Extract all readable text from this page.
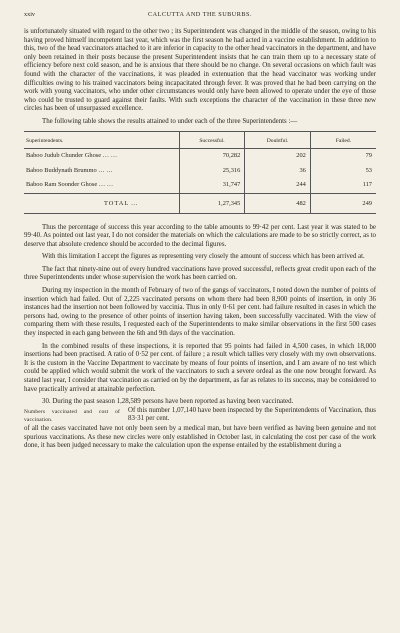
xxiv	CALCUTTA AND THE SUBURBS.

is unfortunately situated with regard to the other two ; its Superintendent was changed in the middle of the season, owing to his having proved himself incompetent last year, which was the first season he had acted in a vaccine establishment. In addition to this, two of the head vaccinators attached to it are inferior in capacity to the other head vaccinators in the department, and have only been retained in their posts because the present Superintendent insists that he can train them up to a necessary state of efficiency before next cold season, and he is anxious that there should be no change. On several occasions on which fault was found with the character of the vaccinations, it was pleaded in extenuation that the head vaccinator was working under difficulties owing to his trained vaccinators being incapacitated through fever. It was proved that he had been carrying on the work with young vaccinators, who under other circumstances would only have been allowed to operate under the eye of those who could be trusted to guard against their faults. With such exceptions the character of the vaccination in these three new circles has been of unsurpassed excellence.

The following table shows the results attained to under each of the three Superintendents :—

Superintendents.	Successful.	Doubtful.	Failed.
Baboo Judub Chunder Ghose … …	70,282	202	79
Baboo Buddynath Brummo … …	25,316	36	53
Baboo Ram Soonder Ghose … …	31,747	244	117
TOTAL …	1,27,345	482	249

Thus the percentage of success this year according to the table amounts to 99·42 per cent. Last year it was stated to be 99·40. As pointed out last year, I do not consider the materials on which the calculations are made to be so strictly correct, as to deserve that absolute credence should be accorded to the decimal figures.

With this limitation I accept the figures as representing very closely the amount of success which has been arrived at.

The fact that ninety-nine out of every hundred vaccinations have proved successful, reflects great credit upon each of the three Superintendents under whose supervision the work has been carried on.

During my inspection in the month of February of two of the gangs of vaccinators, I noted down the number of points of insertion which had failed. Out of 2,225 vaccinated persons on whom there had been 8,900 points of insertion, in only 36 instances had the insertion not been followed by vaccinia. Thus in only 0·61 per cent. had failure resulted in cases in which the persons had, owing to the presence of other points of insertion having taken, been successfully vaccinated. With the view of comparing them with these results, I requested each of the Superintendents to make similar observations in the first 500 cases they inspected in each gang between the 6th and 9th days of the vaccination.

In the combined results of these inspections, it is reported that 95 points had failed in 4,500 cases, in which 18,000 insertions had been practised. A ratio of 0·52 per cent. of failure ; a result which tallies very closely with my own observations. It is the custom in the Vaccine Department to vaccinate by means of four points of insertion, and I am aware of no test which could be applied which would submit the work of the vaccinators to such a severe ordeal as the one now brought forward. As stated last year, I consider that vaccination as carried on by the department, as far as relates to its success, may be considered to have practically arrived at attainable perfection.

30. During the past season 1,28,589 persons have been reported as having been vaccinated.

Numbers vaccinated and cost of vaccination.
Of this number 1,07,140 have been inspected by the Superintendents of Vaccination, thus 83·31 per cent.

of all the cases vaccinated have not only been seen by a medical man, but have been verified as having been genuine and not spurious vaccinations. As these new circles were only established in October last, in calculating the cost per case of the work done, it has been judged necessary to make the calculation upon the expense entailed by the establishment during a
